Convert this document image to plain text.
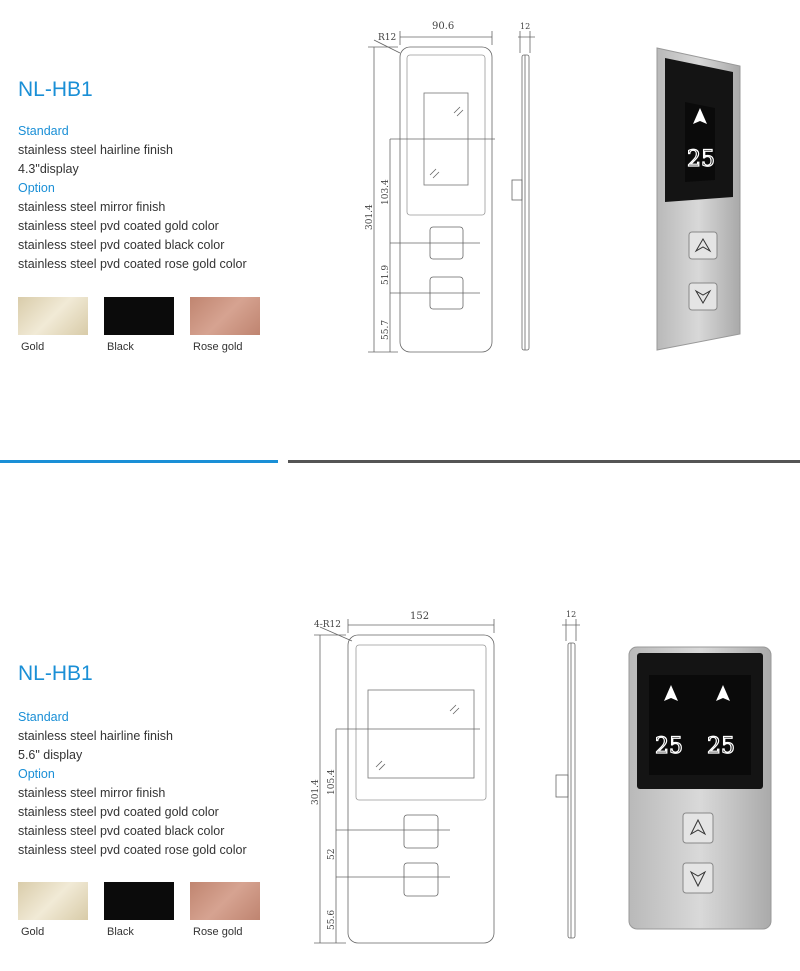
NL-HB1
Standard
stainless steel hairline finish
4.3"display
Option
stainless steel mirror finish
stainless steel pvd coated gold color
stainless steel pvd coated black color
stainless steel pvd coated rose gold color
Gold	Black	Rose gold
90.6
R12
12
301.4
103.4
51.9
55.7
25
NL-HB1
Standard
stainless steel hairline finish
5.6" display
Option
stainless steel mirror finish
stainless steel pvd coated gold color
stainless steel pvd coated black color
stainless steel pvd coated rose gold color
Gold	Black	Rose gold
152
4-R12
12
301.4 105.4
52
55.6
25 25
